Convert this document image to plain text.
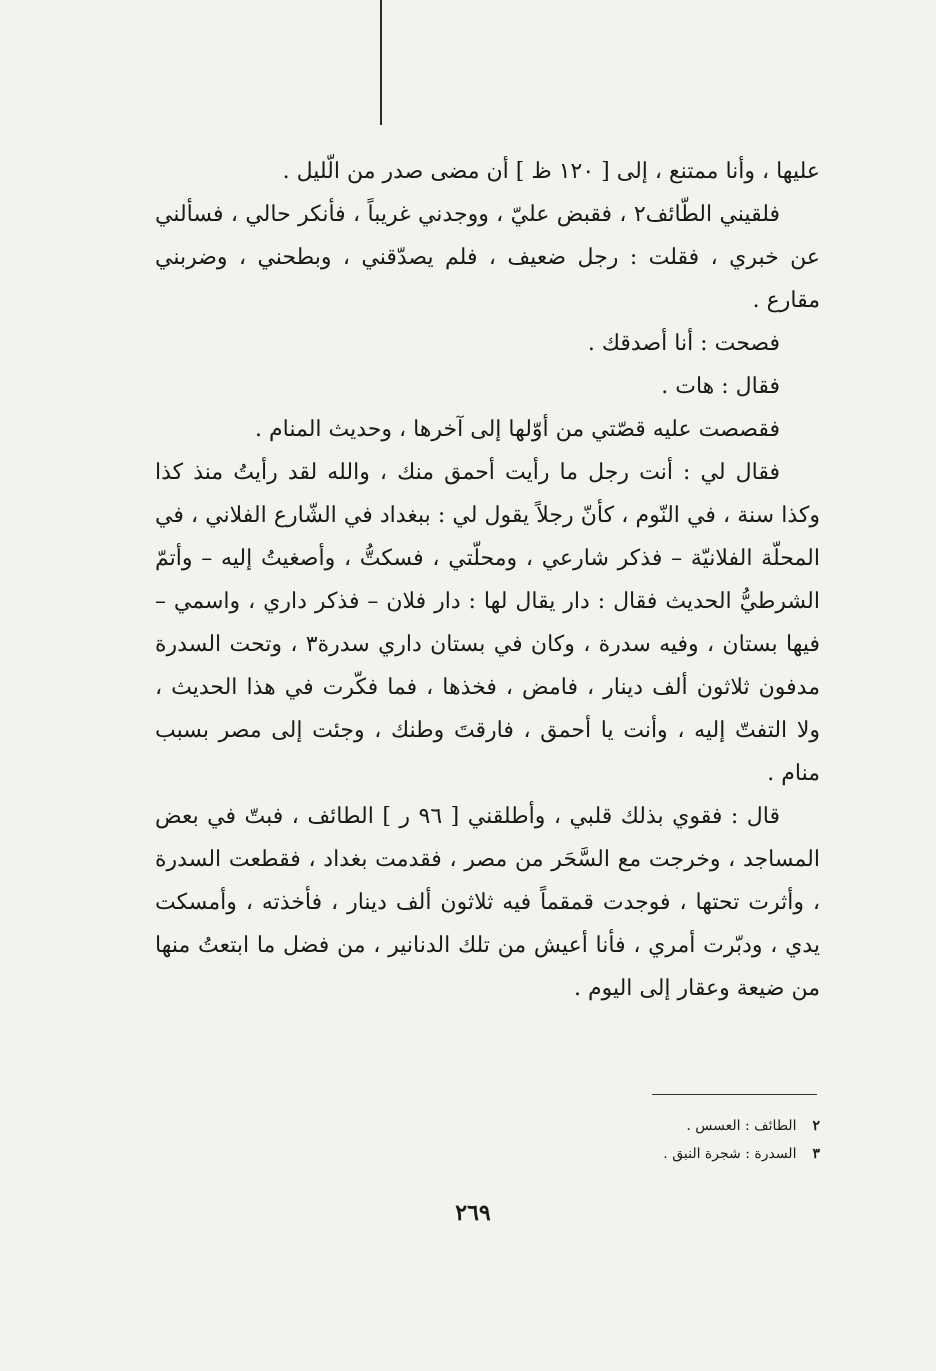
عليها ، وأنا ممتنع ، إلى [ ١٢٠ ظ ] أن مضى صدر من الّليل .

فلقيني الطّائف٢ ، فقبض عليّ ، ووجدني غريباً ، فأنكر حالي ، فسألني عن خبري ، فقلت : رجل ضعيف ، فلم يصدّقني ، وبطحني ، وضربني مقارع .

فصحت : أنا أصدقك .

فقال : هات .

فقصصت عليه قصّتي من أوّلها إلى آخرها ، وحديث المنام .

فقال لي : أنت رجل ما رأيت أحمق منك ، والله لقد رأيتُ منذ كذا وكذا سنة ، في النّوم ، كأنّ رجلاً يقول لي : ببغداد في الشّارع الفلاني ، في المحلّة الفلانيّة – فذكر شارعي ، ومحلّتي ، فسكتُّ ، وأصغيتُ إليه – وأتمّ الشرطيُّ الحديث فقال : دار يقال لها : دار فلان – فذكر داري ، واسمي – فيها بستان ، وفيه سدرة ، وكان في بستان داري سدرة٣ ، وتحت السدرة مدفون ثلاثون ألف دينار ، فامض ، فخذها ، فما فكّرت في هذا الحديث ، ولا التفتّ إليه ، وأنت يا أحمق ، فارقتَ وطنك ، وجئت إلى مصر بسبب منام .

قال : فقوي بذلك قلبي ، وأطلقني [ ٩٦ ر ] الطائف ، فبتّ في بعض المساجد ، وخرجت مع السَّحَر من مصر ، فقدمت بغداد ، فقطعت السدرة ، وأثرت تحتها ، فوجدت قمقماً فيه ثلاثون ألف دينار ، فأخذته ، وأمسكت يدي ، ودبّرت أمري ، فأنا أعيش من تلك الدنانير ، من فضل ما ابتعتُ منها من ضيعة وعقار إلى اليوم .

٢الطائف : العسس .
٣السدرة : شجرة النبق .
٢٦٩
